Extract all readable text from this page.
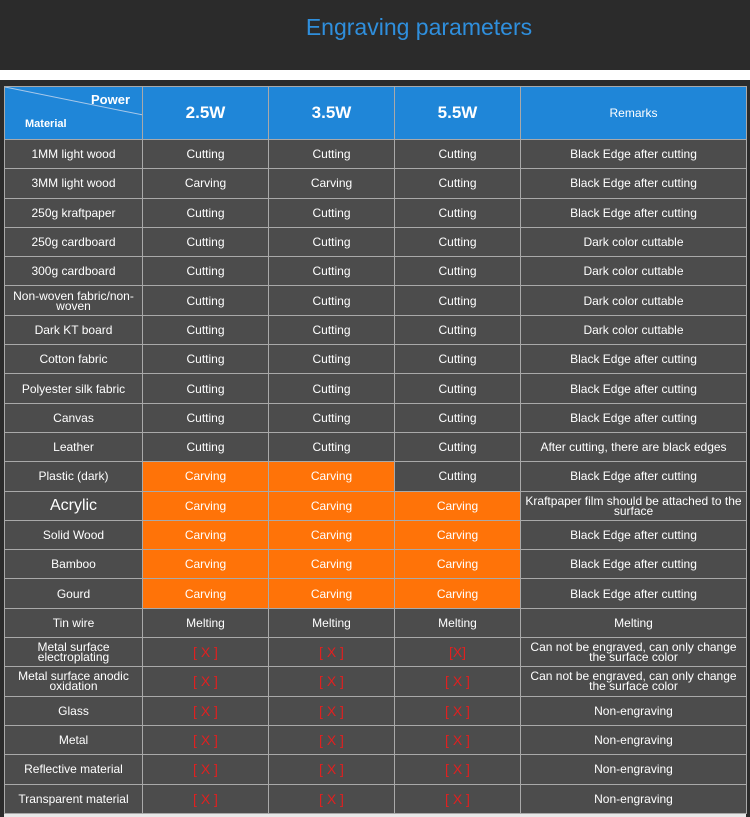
Engraving parameters
Power
Material	2.5W	3.5W	5.5W	Remarks
1MM light wood	Cutting	Cutting	Cutting	Black Edge after cutting
3MM light wood	Carving	Carving	Cutting	Black Edge after cutting
250g kraftpaper	Cutting	Cutting	Cutting	Black Edge after cutting
250g cardboard	Cutting	Cutting	Cutting	Dark color cuttable
300g cardboard	Cutting	Cutting	Cutting	Dark color cuttable
Non-woven fabric/non-woven	Cutting	Cutting	Cutting	Dark color cuttable
Dark KT board	Cutting	Cutting	Cutting	Dark color cuttable
Cotton fabric	Cutting	Cutting	Cutting	Black Edge after cutting
Polyester silk fabric	Cutting	Cutting	Cutting	Black Edge after cutting
Canvas	Cutting	Cutting	Cutting	Black Edge after cutting
Leather	Cutting	Cutting	Cutting	After cutting, there are black edges
Plastic (dark)	Carving	Carving	Cutting	Black Edge after cutting
Acrylic	Carving	Carving	Carving	Kraftpaper film should be attached to the surface
Solid Wood	Carving	Carving	Carving	Black Edge after cutting
Bamboo	Carving	Carving	Carving	Black Edge after cutting
Gourd	Carving	Carving	Carving	Black Edge after cutting
Tin wire	Melting	Melting	Melting	Melting
Metal surface electroplating	[ X ]	[ X ]	[X]	Can not be engraved, can only change the surface color
Metal surface anodic oxidation	[ X ]	[ X ]	[ X ]	Can not be engraved, can only change the surface color
Glass	[ X ]	[ X ]	[ X ]	Non-engraving
Metal	[ X ]	[ X ]	[ X ]	Non-engraving
Reflective material	[ X ]	[ X ]	[ X ]	Non-engraving
Transparent material	[ X ]	[ X ]	[ X ]	Non-engraving
